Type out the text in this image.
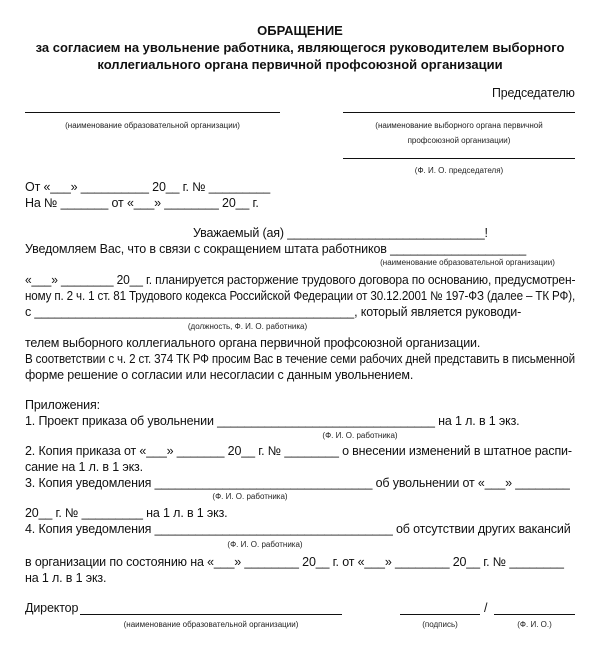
ОБРАЩЕНИЕ
за согласием на увольнение работника, являющегося руководителем выборного
коллегиального органа первичной профсоюзной организации
Председателю
(наименование образовательной организации)	(наименование выборного органа первичной
профсоюзной организации)
(Ф. И. О. председателя)
От «___» __________ 20__ г. № _________
На № _______ от «___» ________ 20__ г.
Уважаемый (ая) _____________________________!
Уведомляем Вас, что в связи с сокращением штата работников ____________________
(наименование образовательной организации)
«___» ________ 20__ г. планируется расторжение трудового договора по основанию, предусмотрен-
ному п. 2 ч. 1 ст. 81 Трудового кодекса Российской Федерации от 30.12.2001 № 197-ФЗ (далее – ТК РФ),
с _______________________________________________, который является руководи-
(должность, Ф. И. О. работника)
телем выборного коллегиального органа первичной профсоюзной организации.
В соответствии с ч. 2 ст. 374 ТК РФ просим Вас в течение семи рабочих дней представить в письменной
форме решение о согласии или несогласии с данным увольнением.
Приложения:
1. Проект приказа об увольнении ________________________________ на 1 л. в 1 экз.
(Ф. И. О. работника)
2. Копия приказа от «___» _______ 20__ г. № ________ о внесении изменений в штатное распи-
сание на 1 л. в 1 экз.
3. Копия уведомления ________________________________ об увольнении от «___» ________
(Ф. И. О. работника)
20__ г. № _________ на 1 л. в 1 экз.
4. Копия уведомления ___________________________________ об отсутствии других вакансий
(Ф. И. О. работника)
в организации по состоянию на «___» ________ 20__ г. от «___» ________ 20__ г. № ________
на 1 л. в 1 экз.
Директор	/
(наименование образовательной организации)	(подпись)	(Ф. И. О.)
